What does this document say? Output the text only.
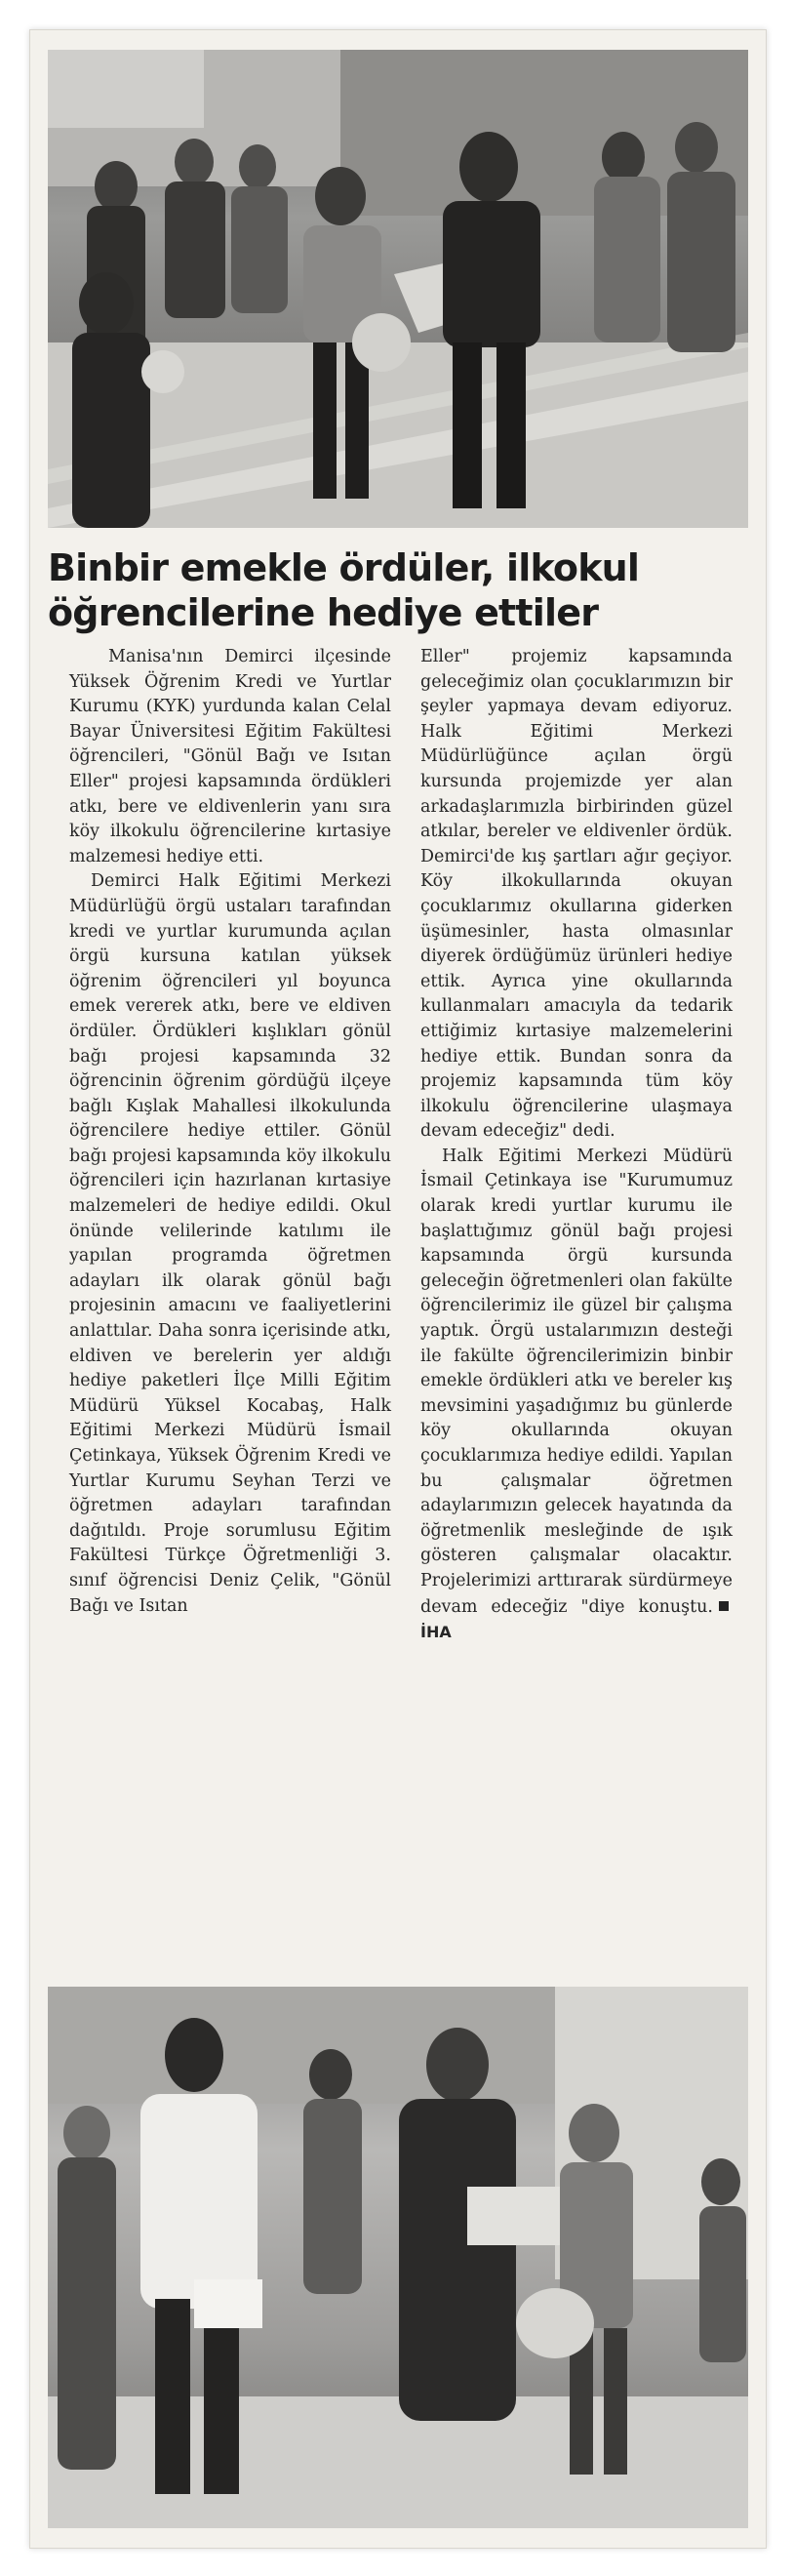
Binbir emekle ördüler, ilkokul
öğrencilerine hediye ettiler

Manisa'nın Demirci ilçesinde Yüksek Öğrenim Kredi ve Yurtlar Kurumu (KYK) yurdunda kalan Celal Bayar Üniversitesi Eğitim Fakültesi öğrencileri, "Gönül Bağı ve Isıtan Eller" projesi kapsamında ördükleri atkı, bere ve eldivenlerin yanı sıra köy ilkokulu öğrencilerine kırtasiye malzemesi hediye etti.

Demirci Halk Eğitimi Merkezi Müdürlüğü örgü ustaları tarafından kredi ve yurtlar kurumunda açılan örgü kursuna katılan yüksek öğrenim öğrencileri yıl boyunca emek vererek atkı, bere ve eldiven ördüler. Ördükleri kışlıkları gönül bağı projesi kapsamında 32 öğrencinin öğrenim gördüğü ilçeye bağlı Kışlak Mahallesi ilkokulunda öğrencilere hediye ettiler. Gönül bağı projesi kapsamında köy ilkokulu öğrencileri için hazırlanan kırtasiye malzemeleri de hediye edildi. Okul önünde velilerinde katılımı ile yapılan programda öğretmen adayları ilk olarak gönül bağı projesinin amacını ve faaliyetlerini anlattılar. Daha sonra içerisinde atkı, eldiven ve berelerin yer aldığı hediye paketleri İlçe Milli Eğitim Müdürü Yüksel Kocabaş, Halk Eğitimi Merkezi Müdürü İsmail Çetinkaya, Yüksek Öğrenim Kredi ve Yurtlar Kurumu Seyhan Terzi ve öğretmen adayları tarafından dağıtıldı. Proje sorumlusu Eğitim Fakültesi Türkçe Öğretmenliği 3. sınıf öğrencisi Deniz Çelik, "Gönül Bağı ve Isıtan

Eller" projemiz kapsamında geleceğimiz olan çocuklarımızın bir şeyler yapmaya devam ediyoruz. Halk Eğitimi Merkezi Müdürlüğünce açılan örgü kursunda projemizde yer alan arkadaşlarımızla birbirinden güzel atkılar, bereler ve eldivenler ördük. Demirci'de kış şartları ağır geçiyor. Köy ilkokullarında okuyan çocuklarımız okullarına giderken üşümesinler, hasta olmasınlar diyerek ördüğümüz ürünleri hediye ettik. Ayrıca yine okullarında kullanmaları amacıyla da tedarik ettiğimiz kırtasiye malzemelerini hediye ettik. Bundan sonra da projemiz kapsamında tüm köy ilkokulu öğrencilerine ulaşmaya devam edeceğiz" dedi.

Halk Eğitimi Merkezi Müdürü İsmail Çetinkaya ise "Kurumumuz olarak kredi yurtlar kurumu ile başlattığımız gönül bağı projesi kapsamında örgü kursunda geleceğin öğretmenleri olan fakülte öğrencilerimiz ile güzel bir çalışma yaptık. Örgü ustalarımızın desteği ile fakülte öğrencilerimizin binbir emekle ördükleri atkı ve bereler kış mevsimini yaşadığımız bu günlerde köy okullarında okuyan çocuklarımıza hediye edildi. Yapılan bu çalışmalar öğretmen adaylarımızın gelecek hayatında da öğretmenlik mesleğinde de ışık gösteren çalışmalar olacaktır. Projelerimizi arttırarak sürdürmeye devam edeceğiz "diye konuştu.İHA
